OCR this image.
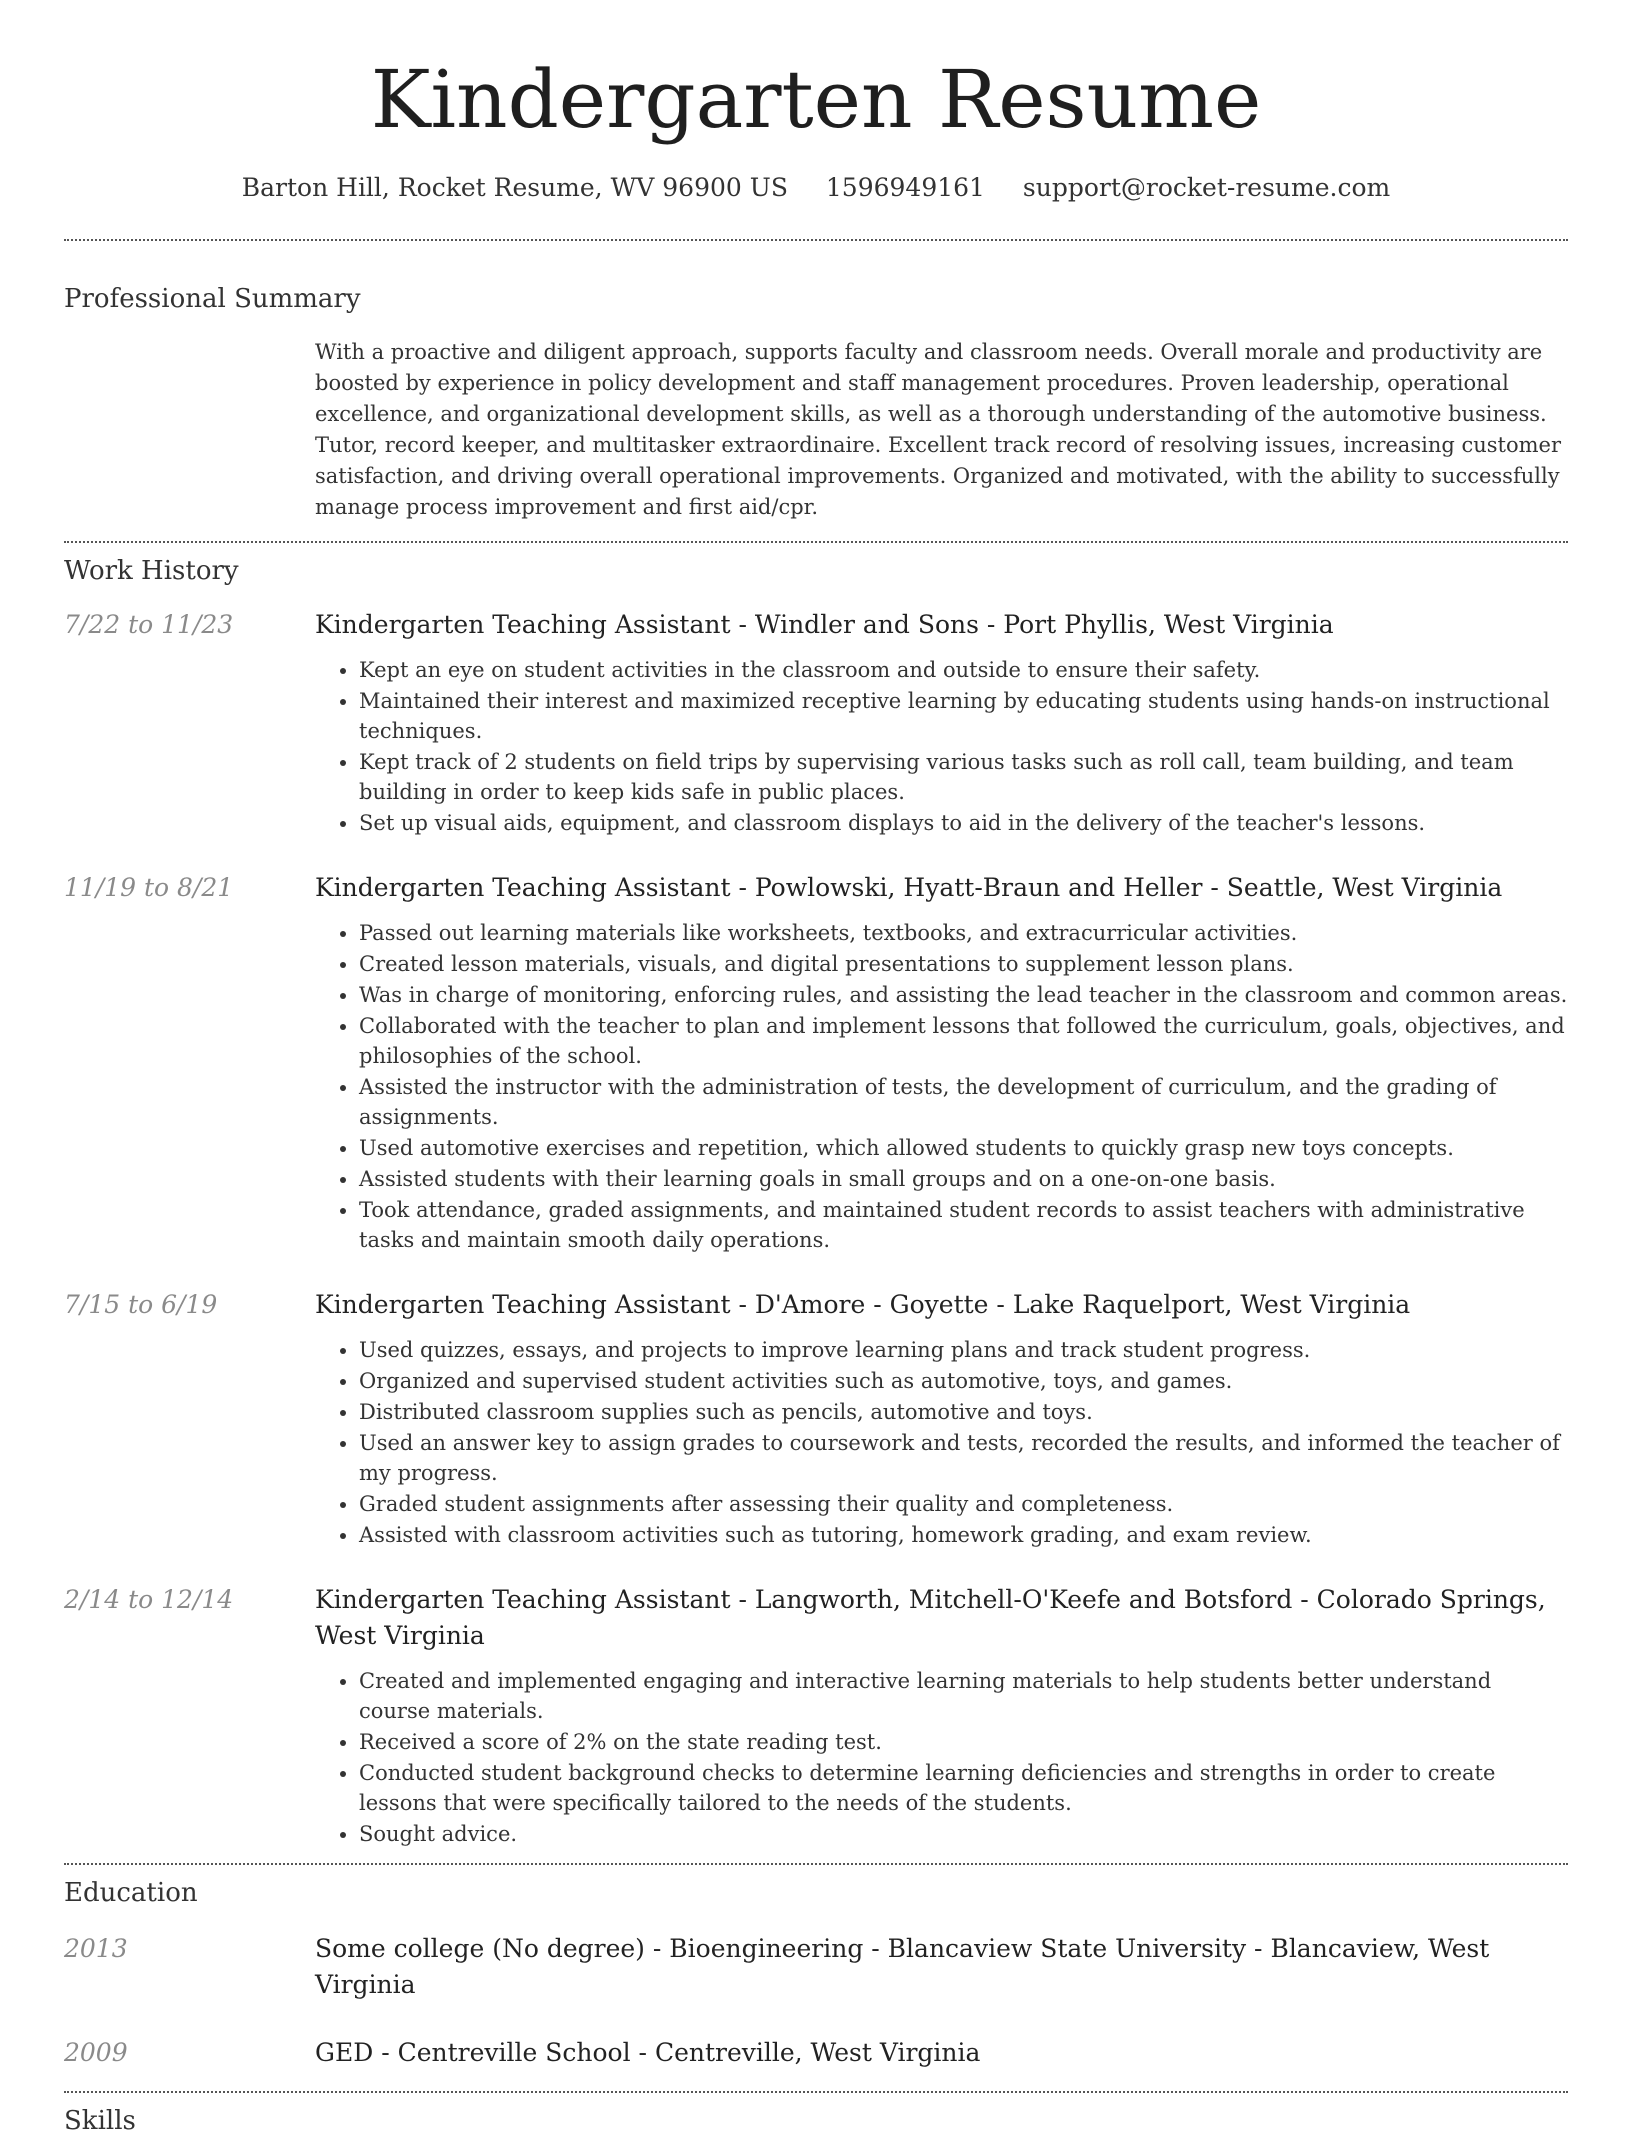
Kindergarten Resume
Barton Hill, Rocket Resume, WV 96900 US 1596949161 support@rocket-resume.com
Professional Summary

With a proactive and diligent approach, supports faculty and classroom needs. Overall morale and productivity are boosted by experience in policy development and staff management procedures. Proven leadership, operational excellence, and organizational development skills, as well as a thorough understanding of the automotive business. Tutor, record keeper, and multitasker extraordinaire. Excellent track record of resolving issues, increasing customer satisfaction, and driving overall operational improvements. Organized and motivated, with the ability to successfully manage process improvement and first aid/cpr.

Work History
7/22 to 11/23	Kindergarten Teaching Assistant - Windler and Sons - Port Phyllis, West Virginia
• Kept an eye on student activities in the classroom and outside to ensure their safety.
• Maintained their interest and maximized receptive learning by educating students using hands-on instructional techniques.
• Kept track of 2 students on field trips by supervising various tasks such as roll call, team building, and team building in order to keep kids safe in public places.
• Set up visual aids, equipment, and classroom displays to aid in the delivery of the teacher's lessons.
11/19 to 8/21	Kindergarten Teaching Assistant - Powlowski, Hyatt-Braun and Heller - Seattle, West Virginia
• Passed out learning materials like worksheets, textbooks, and extracurricular activities.
• Created lesson materials, visuals, and digital presentations to supplement lesson plans.
• Was in charge of monitoring, enforcing rules, and assisting the lead teacher in the classroom and common areas.
• Collaborated with the teacher to plan and implement lessons that followed the curriculum, goals, objectives, and philosophies of the school.
• Assisted the instructor with the administration of tests, the development of curriculum, and the grading of assignments.
• Used automotive exercises and repetition, which allowed students to quickly grasp new toys concepts.
• Assisted students with their learning goals in small groups and on a one-on-one basis.
• Took attendance, graded assignments, and maintained student records to assist teachers with administrative tasks and maintain smooth daily operations.
7/15 to 6/19	Kindergarten Teaching Assistant - D'Amore - Goyette - Lake Raquelport, West Virginia
• Used quizzes, essays, and projects to improve learning plans and track student progress.
• Organized and supervised student activities such as automotive, toys, and games.
• Distributed classroom supplies such as pencils, automotive and toys.
• Used an answer key to assign grades to coursework and tests, recorded the results, and informed the teacher of my progress.
• Graded student assignments after assessing their quality and completeness.
• Assisted with classroom activities such as tutoring, homework grading, and exam review.
2/14 to 12/14	Kindergarten Teaching Assistant - Langworth, Mitchell-O'Keefe and Botsford - Colorado Springs, West Virginia
• Created and implemented engaging and interactive learning materials to help students better understand course materials.
• Received a score of 2% on the state reading test.
• Conducted student background checks to determine learning deficiencies and strengths in order to create lessons that were specifically tailored to the needs of the students.
• Sought advice.
Education
2013	Some college (No degree) - Bioengineering - Blancaview State University - Blancaview, West Virginia
2009	GED - Centreville School - Centreville, West Virginia
Skills
